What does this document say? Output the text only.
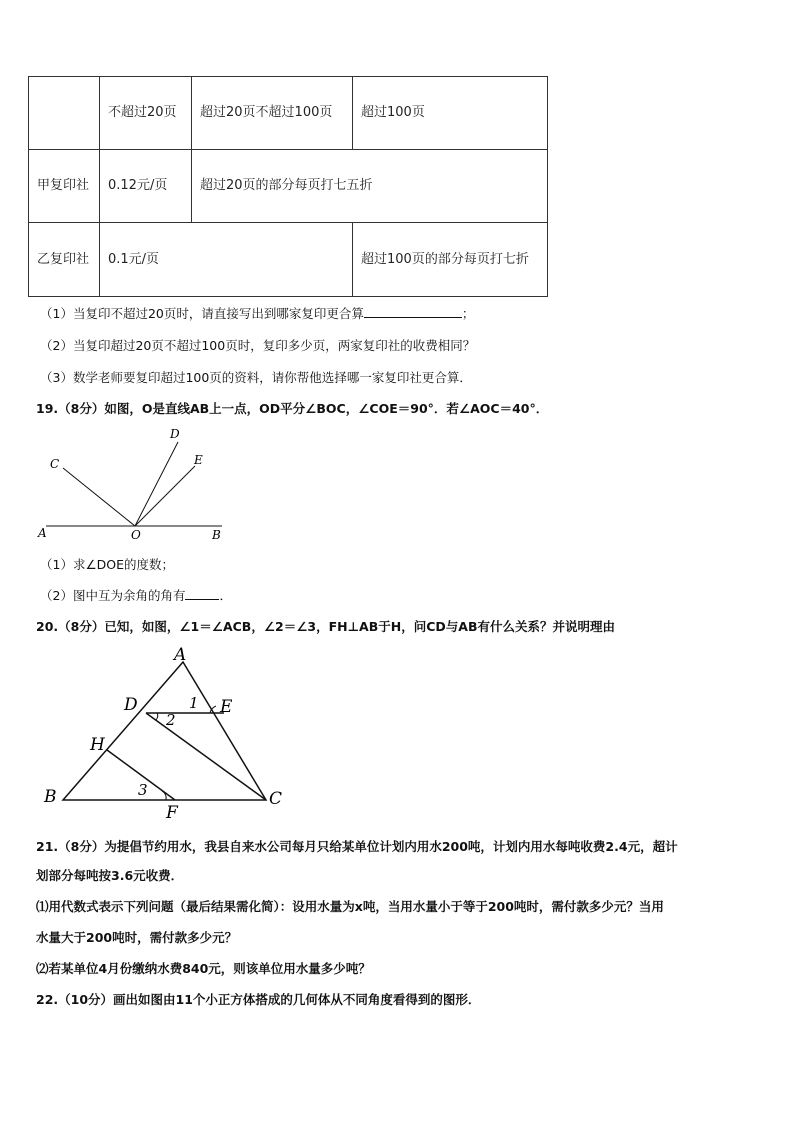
	不超过20页	超过20页不超过100页	超过100页
甲复印社	0.12元/页	超过20页的部分每页打七五折	
乙复印社	0.1元/页		超过100页的部分每页打七折
（1）当复印不超过20页时，请直接写出到哪家复印更合算	；
（2）当复印超过20页不超过100页时，复印多少页，两家复印社的收费相同？
（3）数学老师要复印超过100页的资料，请你帮他选择哪一家复印社更合算．
19.（8分）如图，O是直线AB上一点，OD平分∠BOC，∠COE＝90°．若∠AOC＝40°．
A	O	B
C
D
E
（1）求∠DOE的度数；
（2）图中互为余角的角有	．
20.（8分）已知，如图，∠1＝∠ACB，∠2＝∠3，FH⊥AB于H，问CD与AB有什么关系？并说明理由
A
D	E
H
B	C
F
1
2
3
21.（8分）为提倡节约用水，我县自来水公司每月只给某单位计划内用水200吨，计划内用水每吨收费2.4元，超计
划部分每吨按3.6元收费．
⑴用代数式表示下列问题（最后结果需化简）：设用水量为x吨，当用水量小于等于200吨时，需付款多少元？当用
水量大于200吨时，需付款多少元？
⑵若某单位4月份缴纳水费840元，则该单位用水量多少吨？
22.（10分）画出如图由11个小正方体搭成的几何体从不同角度看得到的图形．
